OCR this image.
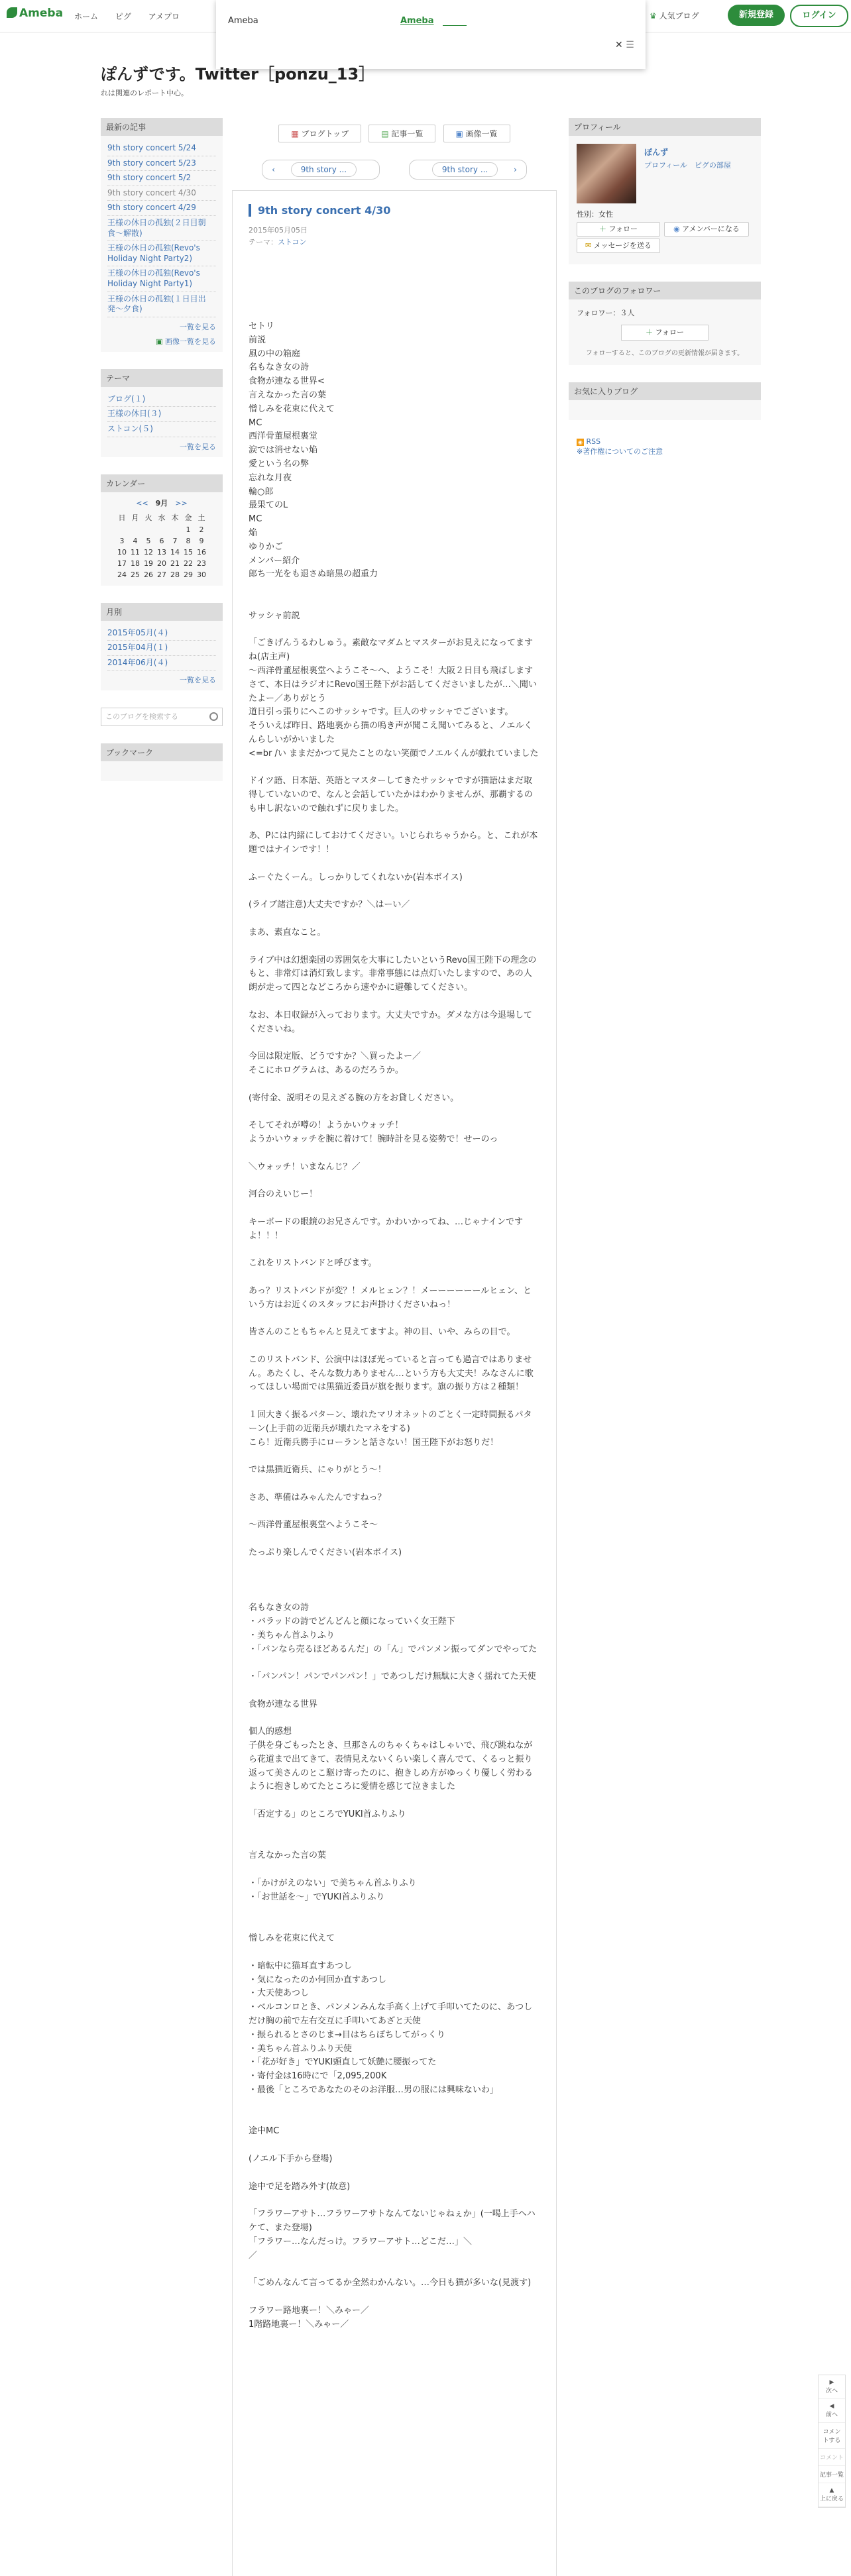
Ameba ホーム ピグ アメプロ	♛ 人気ブログ	新規登録	ログイン
Ameba	Ameba
✕ ☰
ぽんずです。Twitter［ponzu_13］
れは関連のレポート中心。
最新の記事
9th story concert 5/24
9th story concert 5/23
9th story concert 5/2
9th story concert 4/30
9th story concert 4/29
王様の休日の孤独(２日目朝食〜解散)
王様の休日の孤独(Revo's Holiday Night Party2)
王様の休日の孤独(Revo's Holiday Night Party1)
王様の休日の孤独(１日目出発〜夕食)
一覧を見る
▣ 画像一覧を見る
テーマ
ブログ(１)
王様の休日(３)
ストコン(５)
一覧を見る
カレンダー
<<　 9月　 >>
日	月	火	水	木	金	土
					1	2
3	4	5	6	7	8	9
10	11	12	13	14	15	16
17	18	19	20	21	22	23
24	25	26	27	28	29	30
月別
2015年05月(４)
2015年04月(１)
2014年06月(４)
一覧を見る
このブログを検索する
ブックマーク
▦ ブログトップ	▤ 記事一覧	▣ 画像一覧
‹	9th story ...	9th story ...	›
9th story concert 4/30
2015年05月05日
テーマ：ストコン
セトリ
前説
風の中の箱庭
名もなき女の詩
食物が連なる世界<
言えなかった言の葉
憎しみを花束に代えて
MC
西洋骨董屋根裏堂
涙では消せない焔
愛という名の弊
忘れな月夜
輪○郎
最果てのL
MC
焔
ゆりかご
メンバー紹介
郎ち一光をも退さぬ暗黒の超重力

サッシャ前説

「ごきげんうるわしゅう。素敵なマダムとマスターがお見えになってますね(店主声)
〜西洋骨董屋根裏堂へようこそ〜へ、ようこそ！大阪２日目も飛ばします
さて、本日はラジオにRevo国王陛下がお話してくださいましたが…＼聞いたよー／ありがとう
道日引っ張りにへこのサッシャです。巨人のサッシャでございます。
そういえば昨日、路地裏から猫の鳴き声が聞こえ聞いてみると、ノエルくんらしいがかいました
<=br /い ままだかつて見たことのない笑顔でノエルくんが戯れていました

ドイツ語、日本語、英語とマスターしてきたサッシャですが猫語はまだ取得していないので、なんと会話していたかはわかりませんが、那覇するのも申し訳ないので触れずに戻りました。

あ、Pには内緒にしておけてください。いじられちゃうから。と、これが本題ではナインです！！

ふーぐたくーん。しっかりしてくれないか(岩本ボイス)

(ライブ諸注意)大丈夫ですか？＼はーい／

まあ、素直なこと。

ライブ中は幻想楽団の雰囲気を大事にしたいというRevo国王陛下の理念のもと、非常灯は消灯致します。非常事態には点灯いたしますので、あの人朗が走って四となどころから速やかに避難してください。

なお、本日収録が入っております。大丈夫ですか。ダメな方は今退場してくださいね。

今回は限定版、どうですか？＼買ったよー／
そこにホログラムは、あるのだろうか。

(寄付金、説明その見えざる腕の方をお貸しください。

そしてそれが噂の！ようかいウォッチ！
ようかいウォッチを腕に着けて！腕時計を見る姿勢で！せーのっ

＼ウォッチ！いまなんじ？／

河合のえいじー！

キーボードの眼鏡のお兄さんです。かわいかってね、…じゃナインですよ！！！

これをリストバンドと呼びます。

あっ？リストバンドが変？！メルヒェン？！メーーーーーールヒェン、という方はお近くのスタッフにお声掛けくださいねっ！

皆さんのこともちゃんと見えてますよ。神の目、いや、みらの目で。

このリストバンド、公演中はほぼ光っていると言っても過言ではありません。あたくし、そんな数力ありません…という方も大丈夫！みなさんに歌ってほしい場面では黒猫近委員が旗を振ります。旗の振り方は２種類！

１回大きく振るパターン、壊れたマリオネットのごとく一定時間振るパターン(上手前の近衛兵が壊れたマネをする)
こら！近衛兵勝手にローランと話さない！国王陛下がお怒りだ！

では黒猫近衛兵、にゃりがとう〜！

さあ、準備はみゃんたんですねっ？

〜西洋骨董屋根裏堂へようこそ〜

たっぷり楽しんでください(岩本ボイス)

名もなき女の詩
・バラッドの詩でどんどんと顔になっていく女王陛下
・美ちゃん首ふりふり
・「パンなら売るほどあるんだ」の「ん」でパンメン振ってダンでやってた

・「パンパン！パンでパンパン！」であつしだけ無駄に大きく揺れてた天使

食物が連なる世界

個人的感想
子供を身ごもったとき、旦那さんのちゃくちゃはしゃいで、飛び跳ねながら花道まで出てきて、表情見えないくらい楽しく喜んでて、くるっと振り返って美さんのとこ駆け寄ったのに、抱きしめ方がゆっくり優しく労わるように抱きしめてたところに愛情を感じて泣きました

「否定する」のところでYUKI首ふりふり

言えなかった言の葉

・「かけがえのない」で美ちゃん首ふりふり
・「お世話を〜」でYUKI首ふりふり

憎しみを花束に代えて

・暗転中に猫耳直すあつし
・気になったのか何回か直すあつし
・大天使あつし
・ベルコンロとき、パンメンみんな手高く上げて手叩いてたのに、あつしだけ胸の前で左右交互に手叩いてあざと天使
・振られるとさのじま→目はちらぼちしてがっくり
・美ちゃん首ふりふり天使
・「花が好き」でYUKI頭直して妖艶に腰振ってた
・寄付金は16時にで「2,095,200K
・最後「ところであなたのそのお洋服…男の服には興味ないわ」

途中MC

(ノエル下手から登場)

途中で足を踏み外す(故意)

「フラワーアサト…フラワーアサトなんてないじゃねぇか」(一喝上手ヘハケて、また登場)
「フラワー…なんだっけ。フラワーアサト…どこだ…」＼
／

「ごめんなんて言ってるか全然わかんない。…今日も猫が多いな(見渡す)

フラワー路地裏ー！＼みゃー／
1階路地裏ー！＼みゃー／
プロフィール
ぽんず
プロフィール　ピグの部屋
性別：女性
＋ フォロー	◉ アメンバーになる
✉ メッセージを送る
このブログのフォロワー
フォロワー：３人
＋ フォロー
フォローすると、このブログの更新情報が届きます。
お気に入りブログ
◉ RSS
※著作権についてのご注意
▶
次へ
◀
前へ
コメントする
コメント
記事一覧
▲
上に戻る
